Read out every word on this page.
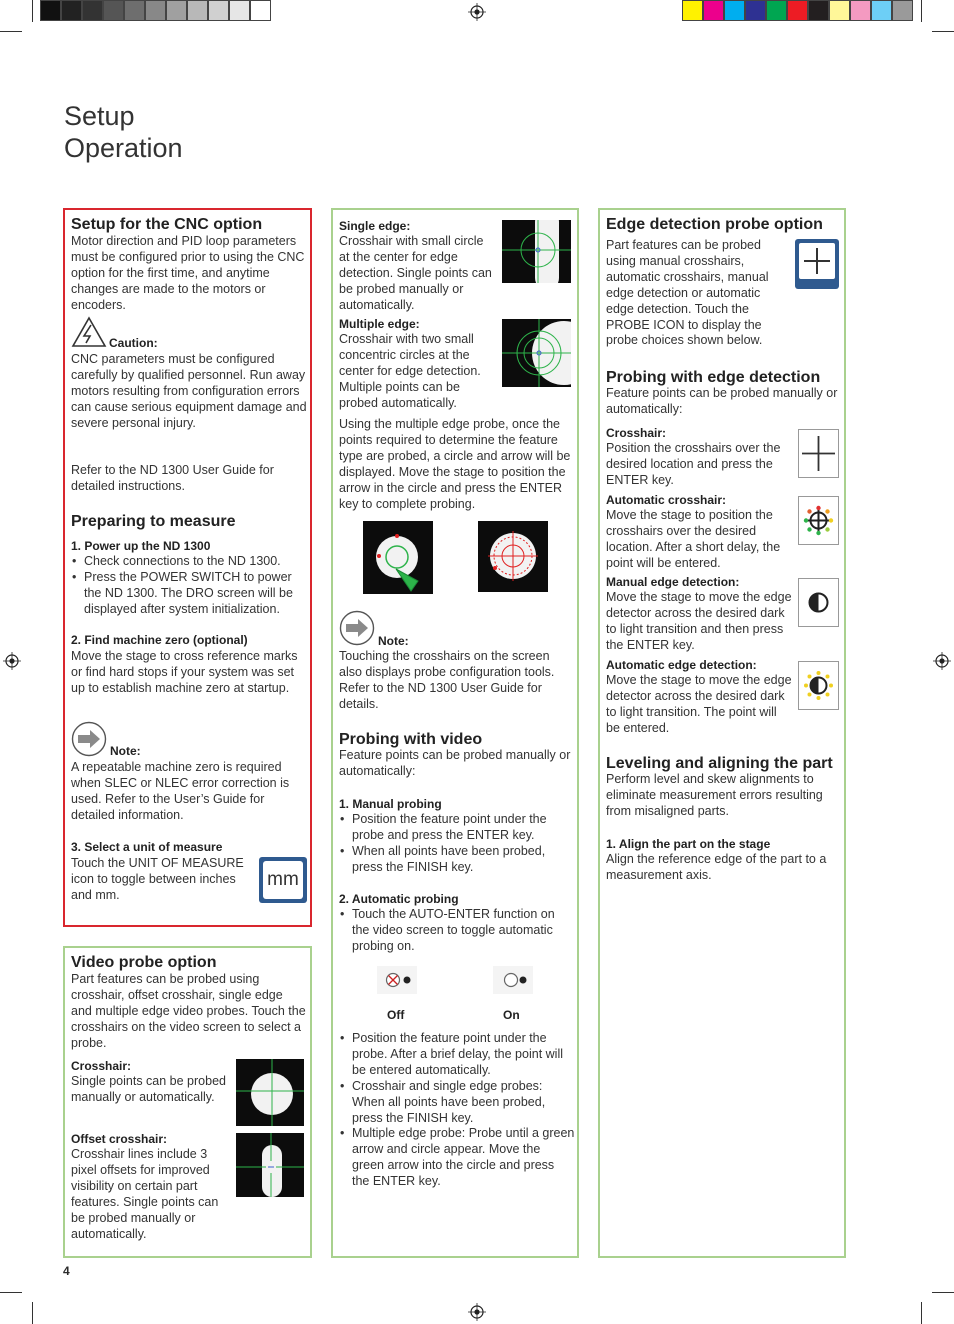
Setup
Operation
Setup for the CNC option
Motor direction and PID loop parameters must be configured prior to using the CNC option for the first time, and anytime changes are made to the motors or encoders.
Caution:
CNC parameters must be configured carefully by qualified personnel. Run away motors resulting from configuration errors can cause serious equipment damage and severe personal injury.
Refer to the ND 1300 User Guide for detailed instructions.
Preparing to measure
1. Power up the ND 1300
• Check connections to the ND 1300.
• Press the POWER SWITCH to power the ND 1300. The DRO screen will be displayed after system initialization.
2. Find machine zero (optional)
Move the stage to cross reference marks or find hard stops if your system was set up to establish machine zero at startup.
Note:
A repeatable machine zero is required when SLEC or NLEC error correction is used. Refer to the User’s Guide for detailed information.
3. Select a unit of measure
Touch the UNIT OF MEASURE icon to toggle between inches and mm.
mm
Video probe option
Part features can be probed using crosshair, offset crosshair, single edge and multiple edge video probes. Touch the crosshairs on the video screen to select a probe.
Crosshair:
Single points can be probed manually or automatically.
Offset crosshair:
Crosshair lines include 3 pixel offsets for improved visibility on certain part features. Single points can be probed manually or automatically.
Single edge:
Crosshair with small circle at the center for edge detection. Single points can be probed manually or automatically.
Multiple edge:
Crosshair with two small concentric circles at the center for edge detection. Multiple points can be probed automatically.
Using the multiple edge probe, once the points required to determine the feature type are probed, a circle and arrow will be displayed. Move the stage to position the arrow in the circle and press the ENTER key to complete probing.
Note:
Touching the crosshairs on the screen also displays probe configuration tools. Refer to the ND 1300 User Guide for details.
Probing with video
Feature points can be probed manually or automatically:
1. Manual probing
• Position the feature point under the probe and press the ENTER key.
• When all points have been probed, press the FINISH key.
2. Automatic probing
• Touch the AUTO-ENTER function on the video screen to toggle automatic probing on.
Off	On
• Position the feature point under the probe. After a brief delay, the point will be entered automatically.
• Crosshair and single edge probes: When all points have been probed, press the FINISH key.
• Multiple edge probe: Probe until a green arrow and circle appear. Move the green arrow into the circle and press the ENTER key.
Edge detection probe option
Part features can be probed using manual crosshairs, automatic crosshairs, manual edge detection or automatic edge detection. Touch the PROBE ICON to display the probe choices shown below.
Probing with edge detection
Feature points can be probed manually or automatically:
Crosshair:
Position the crosshairs over the desired location and press the ENTER key.
Automatic crosshair:
Move the stage to position the crosshairs over the desired location. After a short delay, the point will be entered.
Manual edge detection:
Move the stage to move the edge detector across the desired dark to light transition and then press the ENTER key.
Automatic edge detection:
Move the stage to move the edge detector across the desired dark to light transition. The point will be entered.
Leveling and aligning the part
Perform level and skew alignments to eliminate measurement errors resulting from misaligned parts.
1. Align the part on the stage
Align the reference edge of the part to a measurement axis.
4
